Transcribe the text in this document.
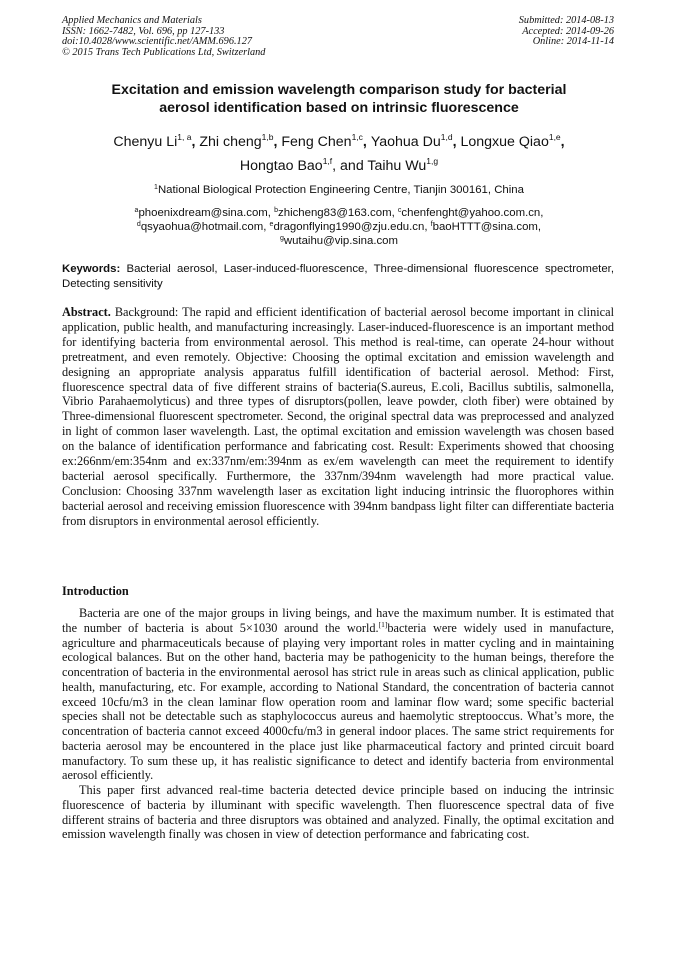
Applied Mechanics and Materials
ISSN: 1662-7482, Vol. 696, pp 127-133
doi:10.4028/www.scientific.net/AMM.696.127
© 2015 Trans Tech Publications Ltd, Switzerland
Submitted: 2014-08-13
Accepted: 2014-09-26
Online: 2014-11-14
Excitation and emission wavelength comparison study for bacterial
aerosol identification based on intrinsic fluorescence
Chenyu Li$^{1, a}$, Zhi cheng$^{1,b}$, Feng Chen$^{1,c}$, Yaohua Du$^{1,d}$, Longxue Qiao$^{1,e}$,
Hongtao Bao$^{1,f}$, and Taihu Wu$^{1,g}$
$^1$National Biological Protection Engineering Centre, Tianjin 300161, China
$^a$phoenixdream@sina.com, $^b$zhicheng83@163.com, $^c$chenfenght@yahoo.com.cn,
$^d$qsyaohua@hotmail.com, $^e$dragonflying1990@zju.edu.cn, $^f$baoHTTT@sina.com,
$^g$wutaihu@vip.sina.com
Keywords: Bacterial aerosol, Laser-induced-fluorescence, Three-dimensional fluorescence spectrometer, Detecting sensitivity
Abstract. Background: The rapid and efficient identification of bacterial aerosol become important in clinical application, public health, and manufacturing increasingly. Laser-induced-fluorescence is an important method for identifying bacteria from environmental aerosol. This method is real-time, can operate 24-hour without pretreatment, and even remotely. Objective: Choosing the optimal excitation and emission wavelength and designing an appropriate analysis apparatus fulfill identification of bacterial aerosol. Method: First, fluorescence spectral data of five different strains of bacteria(S.aureus, E.coli, Bacillus subtilis, salmonella, Vibrio Parahaemolyticus) and three types of disruptors(pollen, leave powder, cloth fiber) were obtained by Three-dimensional fluorescent spectrometer. Second, the original spectral data was preprocessed and analyzed in light of common laser wavelength. Last, the optimal excitation and emission wavelength was chosen based on the balance of identification performance and fabricating cost. Result: Experiments showed that choosing ex:266nm/em:354nm and ex:337nm/em:394nm as ex/em wavelength can meet the requirement to identify bacterial aerosol specifically. Furthermore, the 337nm/394nm wavelength had more practical value. Conclusion: Choosing 337nm wavelength laser as excitation light inducing intrinsic the fluorophores within bacterial aerosol and receiving emission fluorescence with 394nm bandpass light filter can differentiate bacteria from disruptors in environmental aerosol efficiently.
Introduction

Bacteria are one of the major groups in living beings, and have the maximum number. It is estimated that the number of bacteria is about 5×1030 around the world.[1]bacteria were widely used in manufacture, agriculture and pharmaceuticals because of playing very important roles in matter cycling and in maintaining ecological balances. But on the other hand, bacteria may be pathogenicity to the human beings, therefore the concentration of bacteria in the environmental aerosol has strict rule in areas such as clinical application, public health, manufacturing, etc. For example, according to National Standard, the concentration of bacteria cannot exceed 10cfu/m3 in the clean laminar flow operation room and laminar flow ward; some specific bacterial species shall not be detectable such as staphylococcus aureus and haemolytic streptooccus. What’s more, the concentration of bacteria cannot exceed 4000cfu/m3 in general indoor places. The same strict requirements for bacteria aerosol may be encountered in the place just like pharmaceutical factory and printed circuit board manufactory. To sum these up, it has realistic significance to detect and identify bacteria from environmental aerosol efficiently.

This paper first advanced real-time bacteria detected device principle based on inducing the intrinsic fluorescence of bacteria by illuminant with specific wavelength. Then fluorescence spectral data of five different strains of bacteria and three disruptors was obtained and analyzed. Finally, the optimal excitation and emission wavelength finally was chosen in view of detection performance and fabricating cost.
